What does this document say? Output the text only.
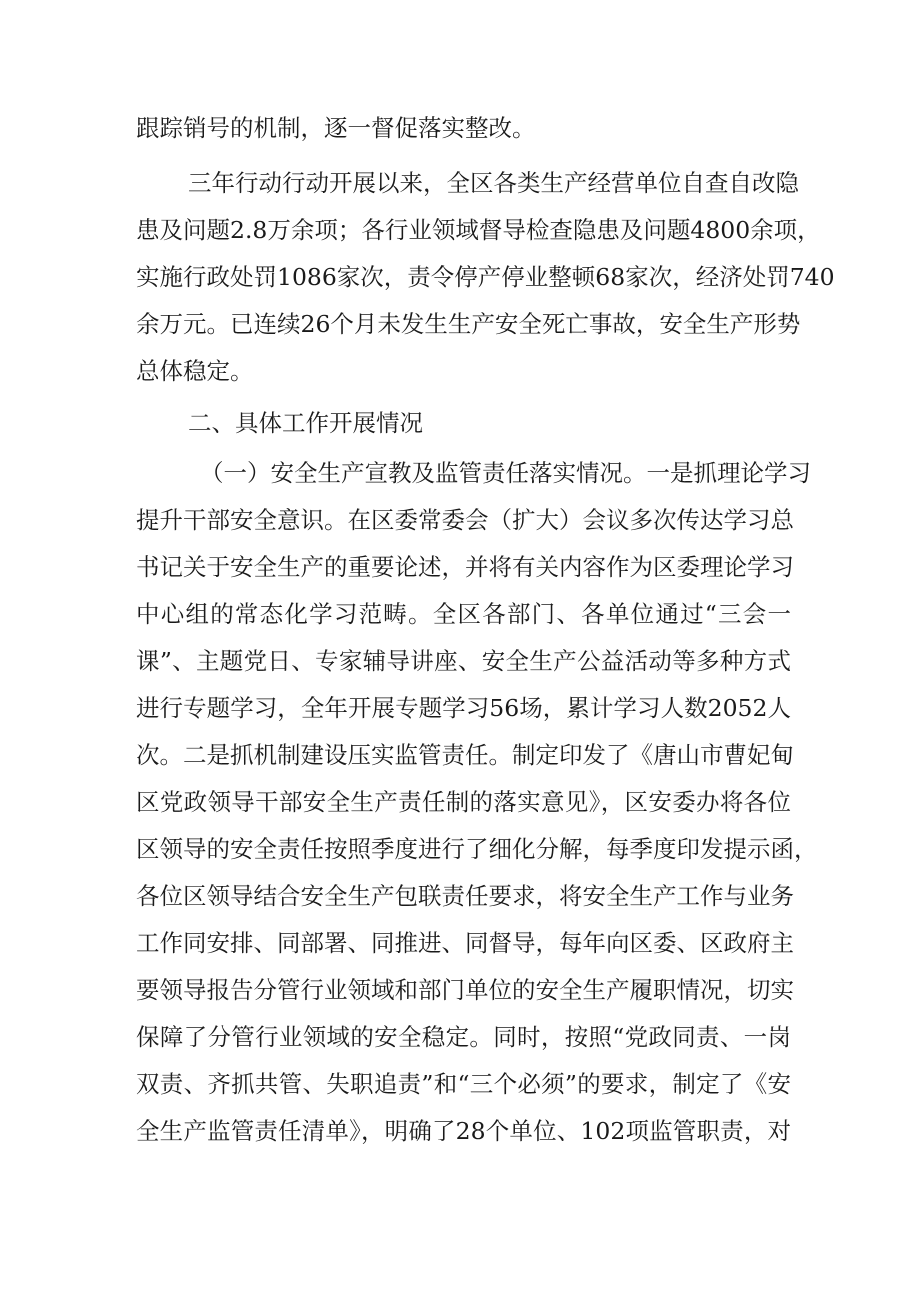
跟踪销号的机制，逐一督促落实整改。
三年行动行动开展以来，全区各类生产经营单位自查自改隐
患及问题2.8万余项；各行业领域督导检查隐患及问题4800余项，
实施行政处罚1086家次，责令停产停业整顿68家次，经济处罚740
余万元。已连续26个月未发生生产安全死亡事故，安全生产形势
总体稳定。
二、具体工作开展情况
（一）安全生产宣教及监管责任落实情况。一是抓理论学习
提升干部安全意识。在区委常委会（扩大）会议多次传达学习总
书记关于安全生产的重要论述，并将有关内容作为区委理论学习
中心组的常态化学习范畴。全区各部门、各单位通过“三会一
课”、主题党日、专家辅导讲座、安全生产公益活动等多种方式
进行专题学习，全年开展专题学习56场，累计学习人数2052人
次。二是抓机制建设压实监管责任。制定印发了《唐山市曹妃甸
区党政领导干部安全生产责任制的落实意见》，区安委办将各位
区领导的安全责任按照季度进行了细化分解，每季度印发提示函，
各位区领导结合安全生产包联责任要求，将安全生产工作与业务
工作同安排、同部署、同推进、同督导，每年向区委、区政府主
要领导报告分管行业领域和部门单位的安全生产履职情况，切实
保障了分管行业领域的安全稳定。同时，按照“党政同责、一岗
双责、齐抓共管、失职追责”和“三个必须”的要求，制定了《安
全生产监管责任清单》，明确了28个单位、102项监管职责，对
